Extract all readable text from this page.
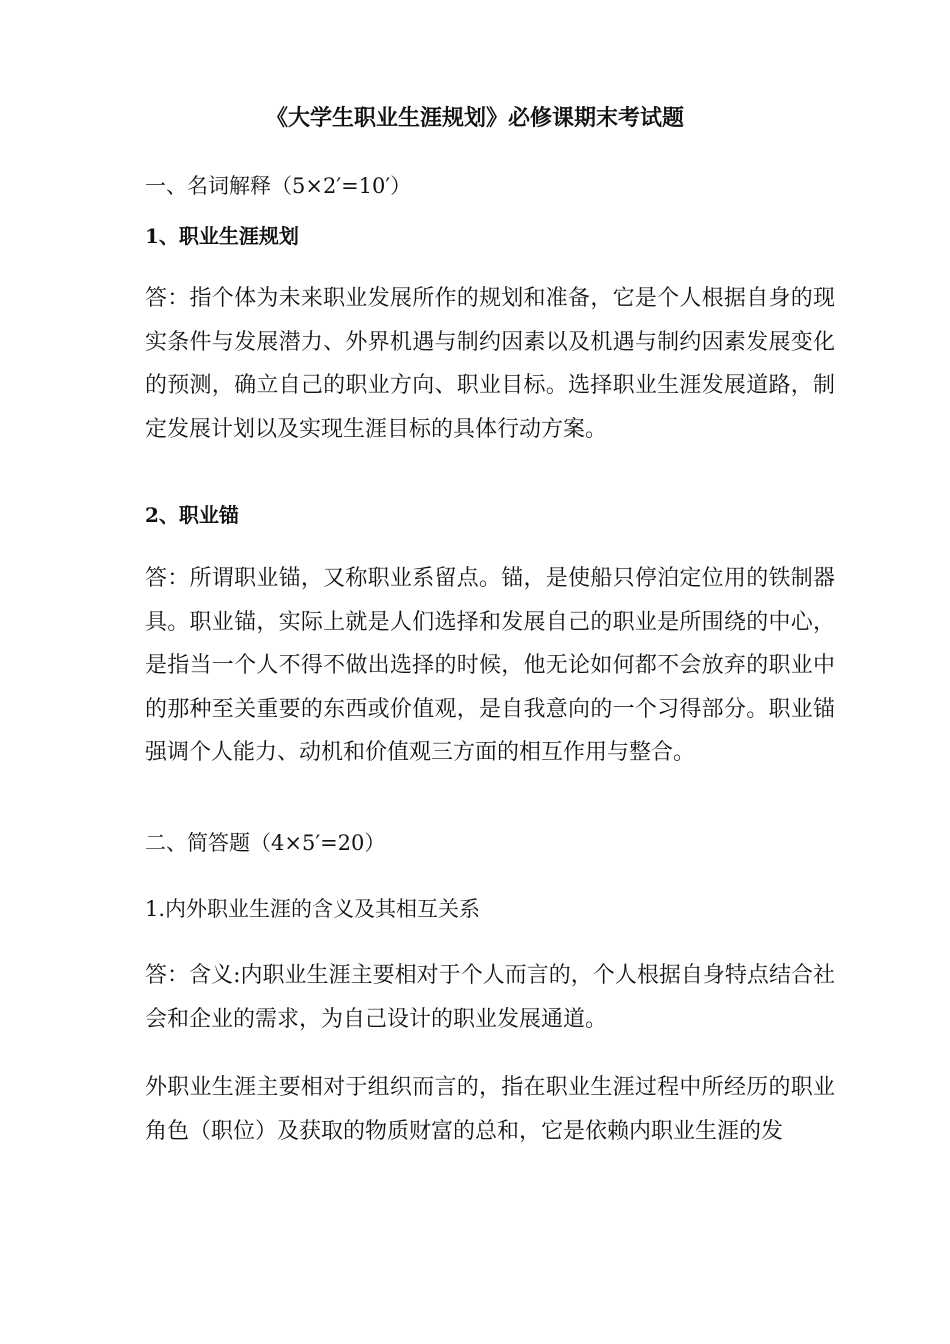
《大学生职业生涯规划》必修课期末考试题
一、名词解释（5×2′=10′）
1、职业生涯规划
答：指个体为未来职业发展所作的规划和准备，它是个人根据自身的现实条件与发展潜力、外界机遇与制约因素以及机遇与制约因素发展变化的预测，确立自己的职业方向、职业目标。选择职业生涯发展道路，制定发展计划以及实现生涯目标的具体行动方案。
2、职业锚
答：所谓职业锚，又称职业系留点。锚，是使船只停泊定位用的铁制器具。职业锚，实际上就是人们选择和发展自己的职业是所围绕的中心，是指当一个人不得不做出选择的时候，他无论如何都不会放弃的职业中的那种至关重要的东西或价值观，是自我意向的一个习得部分。职业锚强调个人能力、动机和价值观三方面的相互作用与整合。
二、简答题（4×5′=20）
1.内外职业生涯的含义及其相互关系
答：含义:内职业生涯主要相对于个人而言的，个人根据自身特点结合社会和企业的需求，为自己设计的职业发展通道。
外职业生涯主要相对于组织而言的，指在职业生涯过程中所经历的职业角色（职位）及获取的物质财富的总和，它是依赖内职业生涯的发
